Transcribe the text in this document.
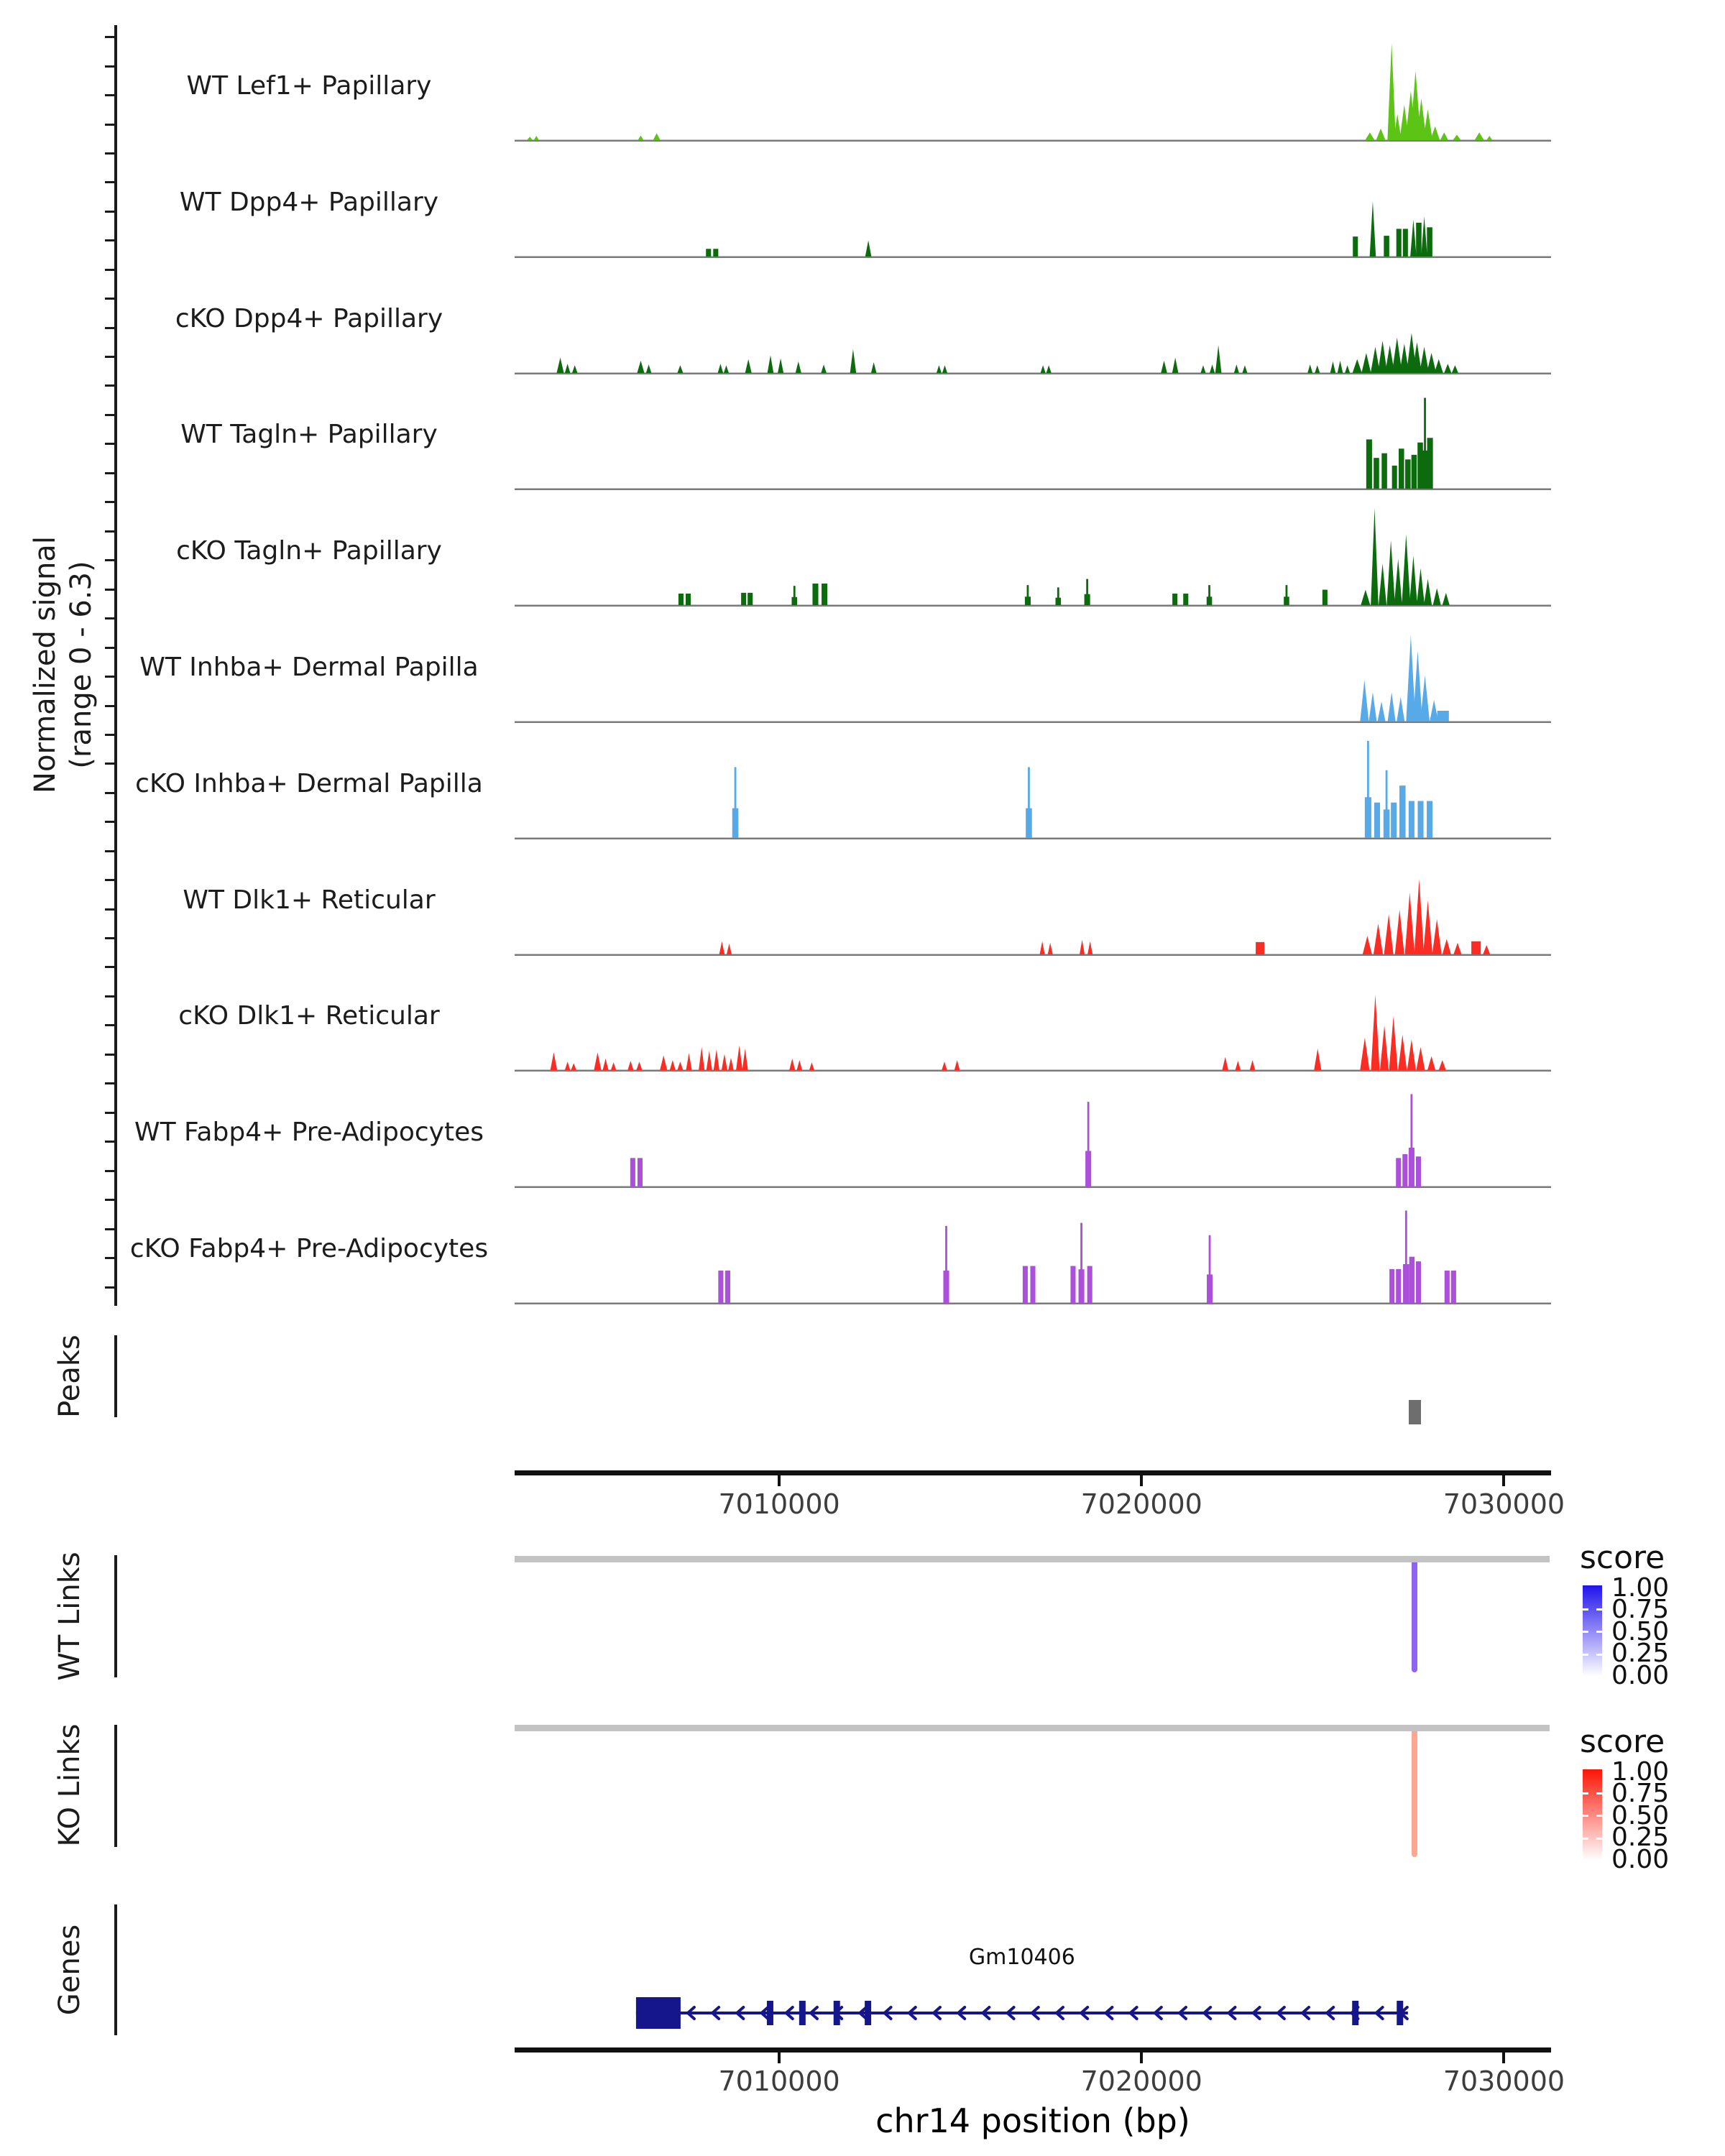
Normalized signal (range 0 - 6.3)
WT Lef1+ Papillary
WT Dpp4+ Papillary
cKO Dpp4+ Papillary
WT Tagln+ Papillary
cKO Tagln+ Papillary
WT Inhba+ Dermal Papilla
cKO Inhba+ Dermal Papilla
WT Dlk1+ Reticular
cKO Dlk1+ Reticular
WT Fabp4+ Pre-Adipocytes
cKO Fabp4+ Pre-Adipocytes
Peaks
7010000	7020000	7030000
WT Links	score
1.00
0.75
0.50
0.25
0.00
KO Links	score
1.00
0.75
0.50
0.25
0.00
Genes	Gm10406
7010000	7020000	7030000
chr14 position (bp)
